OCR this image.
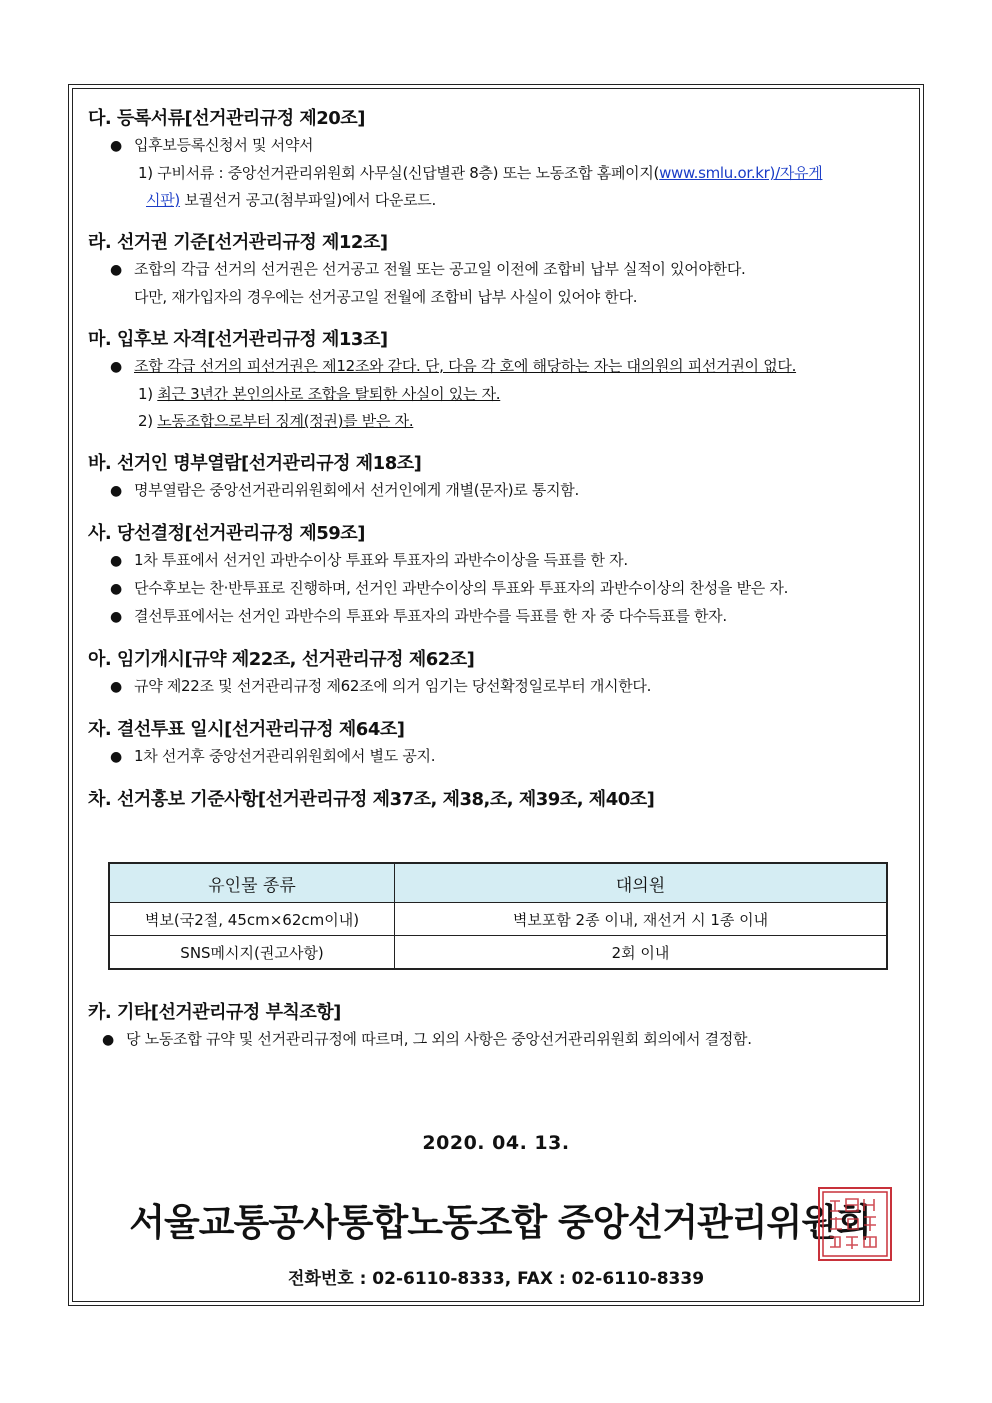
다. 등록서류[선거관리규정 제20조]
● 입후보등록신청서 및 서약서
1) 구비서류 : 중앙선거관리위원회 사무실(신답별관 8층) 또는 노동조합 홈페이지(www.smlu.or.kr)/자유게
시판) 보궐선거 공고(첨부파일)에서 다운로드.
라. 선거권 기준[선거관리규정 제12조]
● 조합의 각급 선거의 선거권은 선거공고 전월 또는 공고일 이전에 조합비 납부 실적이 있어야한다.
다만, 재가입자의 경우에는 선거공고일 전월에 조합비 납부 사실이 있어야 한다.
마. 입후보 자격[선거관리규정 제13조]
● 조합 각급 선거의 피선거권은 제12조와 같다. 단, 다음 각 호에 해당하는 자는 대의원의 피선거권이 없다.
1) 최근 3년간 본인의사로 조합을 탈퇴한 사실이 있는 자.
2) 노동조합으로부터 징계(정권)를 받은 자.
바. 선거인 명부열람[선거관리규정 제18조]
● 명부열람은 중앙선거관리위원회에서 선거인에게 개별(문자)로 통지함.
사. 당선결정[선거관리규정 제59조]
● 1차 투표에서 선거인 과반수이상 투표와 투표자의 과반수이상을 득표를 한 자.
● 단수후보는 찬·반투표로 진행하며, 선거인 과반수이상의 투표와 투표자의 과반수이상의 찬성을 받은 자.
● 결선투표에서는 선거인 과반수의 투표와 투표자의 과반수를 득표를 한 자 중 다수득표를 한자.
아. 임기개시[규약 제22조, 선거관리규정 제62조]
● 규약 제22조 및 선거관리규정 제62조에 의거 임기는 당선확정일로부터 개시한다.
자. 결선투표 일시[선거관리규정 제64조]
● 1차 선거후 중앙선거관리위원회에서 별도 공지.
차. 선거홍보 기준사항[선거관리규정 제37조, 제38,조, 제39조, 제40조]
유인물 종류	대의원
벽보(국2절, 45cm×62cm이내)	벽보포함 2종 이내, 재선거 시 1종 이내
SNS메시지(권고사항)	2회 이내
카. 기타[선거관리규정 부칙조항]
● 당 노동조합 규약 및 선거관리규정에 따르며, 그 외의 사항은 중앙선거관리위원회 회의에서 결정함.
2020. 04. 13.
서울교통공사통합노동조합 중앙선거관리위원회
전화번호 : 02-6110-8333, FAX : 02-6110-8339
